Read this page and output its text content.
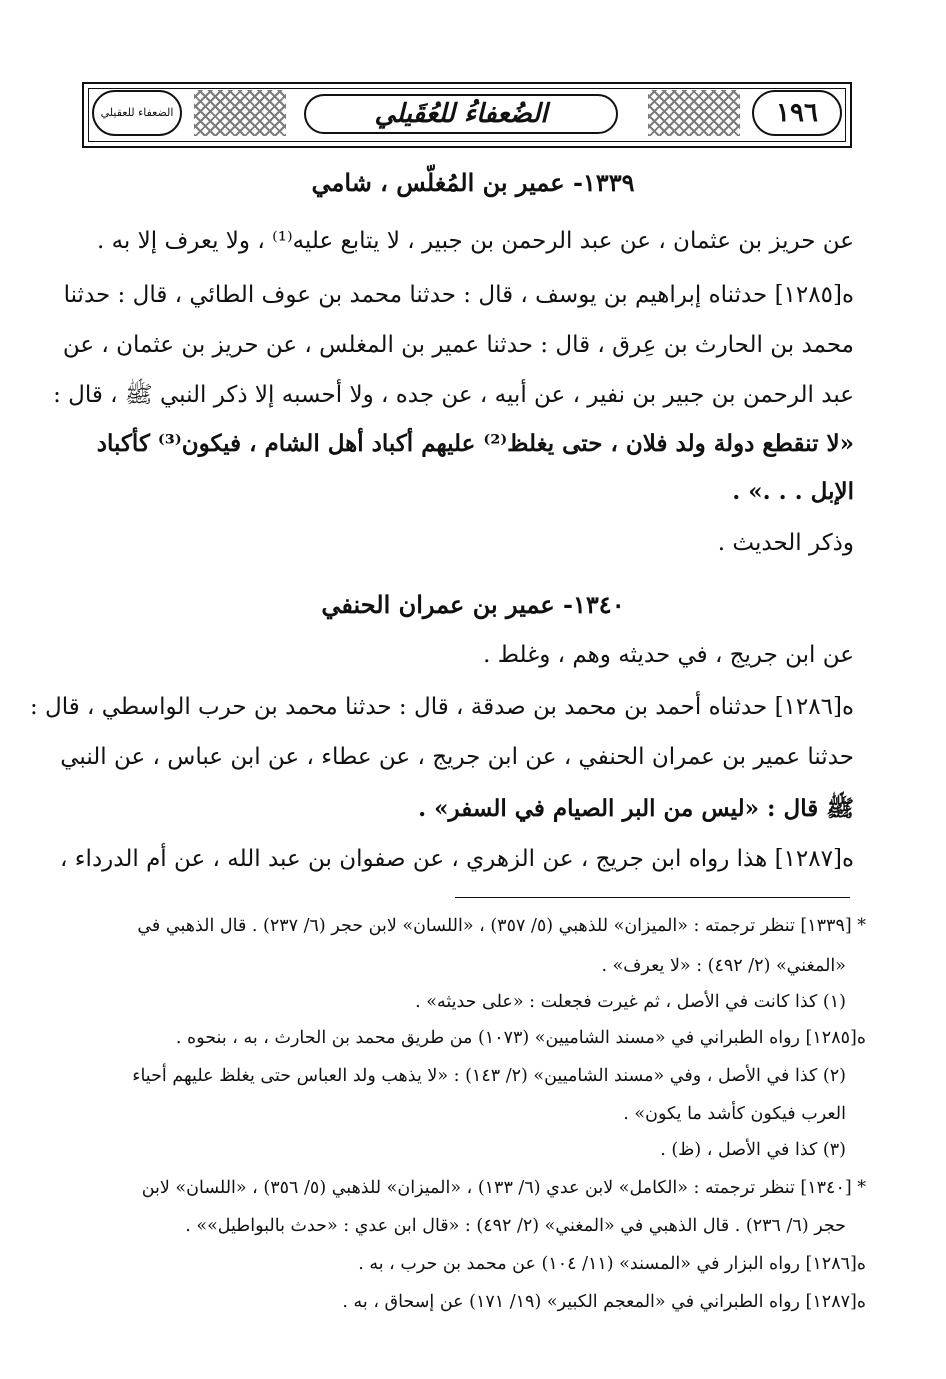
١٩٦
الضُعفاءُ للعُقَيلي
الضعفاء للعقيلي
١٣٣٩- عمير بن المُغلّس ، شامي
عن حريز بن عثمان ، عن عبد الرحمن بن جبير ، لا يتابع عليه⁽¹⁾ ، ولا يعرف إلا به .
ه[١٢٨٥] حدثناه إبراهيم بن يوسف ، قال : حدثنا محمد بن عوف الطائي ، قال : حدثنا
محمد بن الحارث بن عِرق ، قال : حدثنا عمير بن المغلس ، عن حريز بن عثمان ، عن
عبد الرحمن بن جبير بن نفير ، عن أبيه ، عن جده ، ولا أحسبه إلا ذكر النبي ﷺ ، قال :
«لا تنقطع دولة ولد فلان ، حتى يغلظ⁽²⁾ عليهم أكباد أهل الشام ، فيكون⁽³⁾ كأكباد
الإبل . . .» .
وذكر الحديث .
١٣٤٠- عمير بن عمران الحنفي
عن ابن جريج ، في حديثه وهم ، وغلط .
ه[١٢٨٦] حدثناه أحمد بن محمد بن صدقة ، قال : حدثنا محمد بن حرب الواسطي ، قال :
حدثنا عمير بن عمران الحنفي ، عن ابن جريج ، عن عطاء ، عن ابن عباس ، عن النبي
ﷺ قال : «ليس من البر الصيام في السفر» .
ه[١٢٨٧] هذا رواه ابن جريج ، عن الزهري ، عن صفوان بن عبد الله ، عن أم الدرداء ،
* [١٣٣٩] تنظر ترجمته : «الميزان» للذهبي (٥/ ٣٥٧) ، «اللسان» لابن حجر (٦/ ٢٣٧) . قال الذهبي في
«المغني» (٢/ ٤٩٢) : «لا يعرف» .
(١) كذا كانت في الأصل ، ثم غيرت فجعلت : «على حديثه» .
ه[١٢٨٥] رواه الطبراني في «مسند الشاميين» (١٠٧٣) من طريق محمد بن الحارث ، به ، بنحوه .
(٢) كذا في الأصل ، وفي «مسند الشاميين» (٢/ ١٤٣) : «لا يذهب ولد العباس حتى يغلظ عليهم أحياء
العرب فيكون كأشد ما يكون» .
(٣) كذا في الأصل ، (ظ) .
* [١٣٤٠] تنظر ترجمته : «الكامل» لابن عدي (٦/ ١٣٣) ، «الميزان» للذهبي (٥/ ٣٥٦) ، «اللسان» لابن
حجر (٦/ ٢٣٦) . قال الذهبي في «المغني» (٢/ ٤٩٢) : «قال ابن عدي : «حدث بالبواطيل»» .
ه[١٢٨٦] رواه البزار في «المسند» (١١/ ١٠٤) عن محمد بن حرب ، به .
ه[١٢٨٧] رواه الطبراني في «المعجم الكبير» (١٩/ ١٧١) عن إسحاق ، به .
